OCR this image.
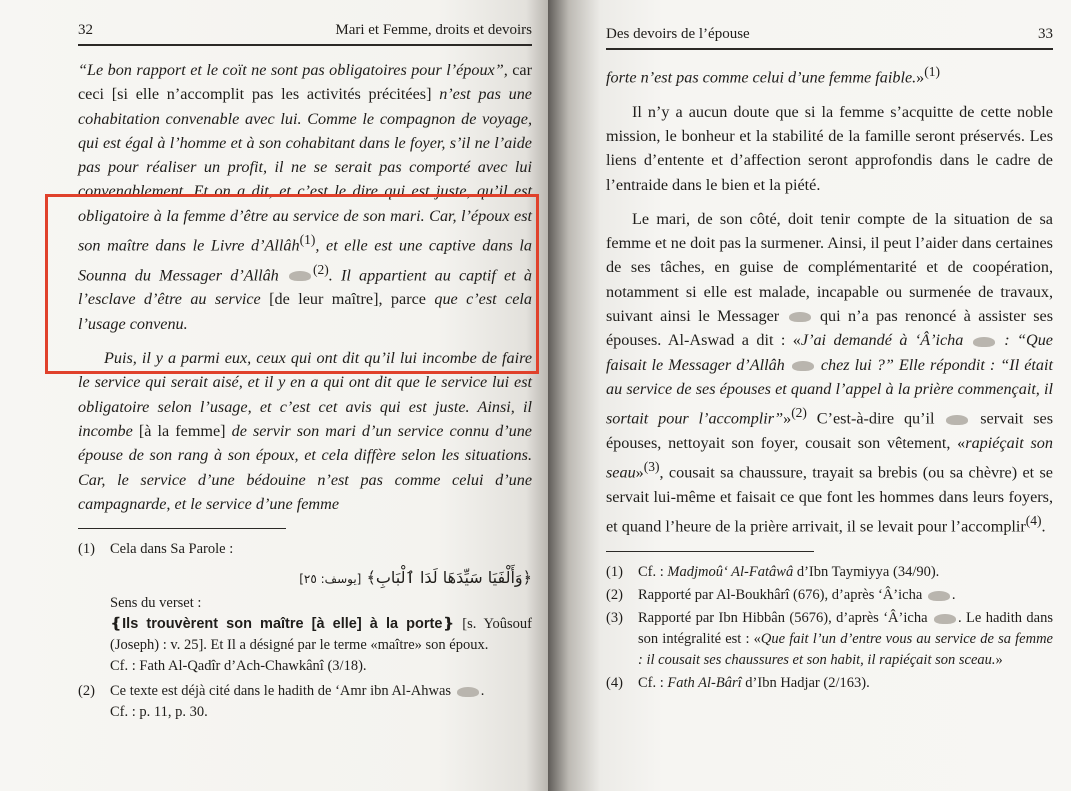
32	Mari et Femme, droits et devoirs

“Le bon rapport et le coït ne sont pas obligatoires pour l’époux”, car ceci [si elle n’accomplit pas les activités précitées] n’est pas une cohabitation convenable avec lui. Comme le compagnon de voyage, qui est égal à l’homme et à son cohabitant dans le foyer, s’il ne l’aide pas pour réaliser un profit, il ne se serait pas comporté avec lui convenablement. Et on a dit, et c’est le dire qui est juste, qu’il est obligatoire à la femme d’être au service de son mari. Car, l’époux est son maître dans le Livre d’Allâh$^{(1)}$, et elle est une captive dans la Sounna du Messager d’Allâh $^{(2)}$. Il appartient au captif et à l’esclave d’être au service [de leur maître], parce que c’est cela l’usage convenu.

Puis, il y a parmi eux, ceux qui ont dit qu’il lui incombe de faire le service qui serait aisé, et il y en a qui ont dit que le service lui est obligatoire selon l’usage, et c’est cet avis qui est juste. Ainsi, il incombe [à la femme] de servir son mari d’un service connu d’une épouse de son rang à son époux, et cela diffère selon les situations. Car, le service d’une bédouine n’est pas comme celui d’une campagnarde, et le service d’une femme

(1)	Cela dans Sa Parole :
﴿وَأَلْفَيَا سَيِّدَهَا لَدَا ٱلْبَابِ﴾ [يوسف: ٢٥]
Sens du verset :
❴Ils trouvèrent son maître [à elle] à la porte❵ [s. Yoûsouf (Joseph) : v. 25]. Et Il a désigné par le terme «maître» son époux.
Cf. : Fath Al-Qadîr d’Ach-Chawkânî (3/18).
(2)	Ce texte est déjà cité dans le hadith de ‘Amr ibn Al-Ahwas .
Cf. : p. 11, p. 30.
Des devoirs de l’épouse	33

forte n’est pas comme celui d’une femme faible.»$^{(1)}$

Il n’y a aucun doute que si la femme s’acquitte de cette noble mission, le bonheur et la stabilité de la famille seront préservés. Les liens d’entente et d’affection seront approfondis dans le cadre de l’entraide dans le bien et la piété.

Le mari, de son côté, doit tenir compte de la situation de sa femme et ne doit pas la surmener. Ainsi, il peut l’aider dans certaines de ses tâches, en guise de complémentarité et de coopération, notamment si elle est malade, incapable ou surmenée de travaux, suivant ainsi le Messager  qui n’a pas renoncé à assister ses épouses. Al-Aswad a dit : «J’ai demandé à ‘Â’icha  : “Que faisait le Messager d’Allâh  chez lui ?” Elle répondit : “Il était au service de ses épouses et quand l’appel à la prière commençait, il sortait pour l’accomplir”»$^{(2)}$ C’est-à-dire qu’il  servait ses épouses, nettoyait son foyer, cousait son vêtement, «rapiéçait son seau»$^{(3)}$, cousait sa chaussure, trayait sa brebis (ou sa chèvre) et se servait lui-même et faisait ce que font les hommes dans leurs foyers, et quand l’heure de la prière arrivait, il se levait pour l’accomplir$^{(4)}$.

(1)	Cf. : Madjmoû‘ Al-Fatâwâ d’Ibn Taymiyya (34/90).
(2)	Rapporté par Al-Boukhârî (676), d’après ‘Â’icha .
(3)	Rapporté par Ibn Hibbân (5676), d’après ‘Â’icha . Le hadith dans son intégralité est : «Que fait l’un d’entre vous au service de sa femme : il cousait ses chaussures et son habit, il rapiéçait son sceau.»
(4)	Cf. : Fath Al-Bârî d’Ibn Hadjar (2/163).
